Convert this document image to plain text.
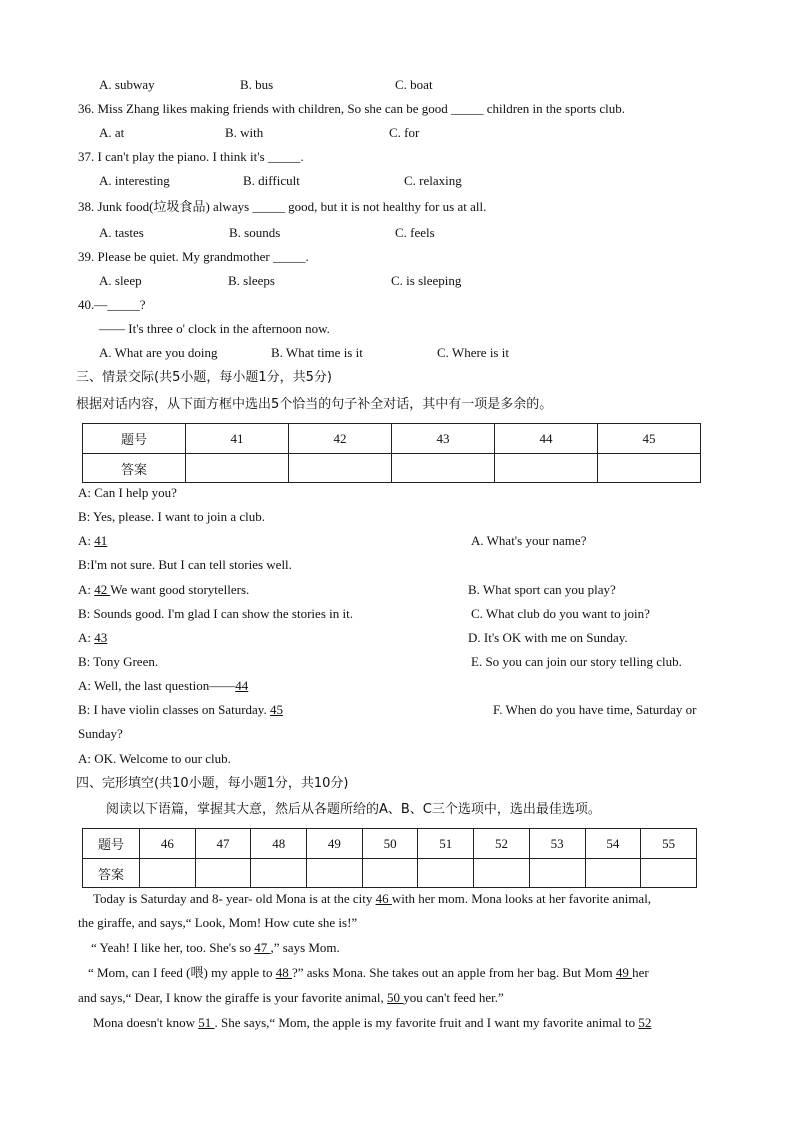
A. subway	B. bus	C. boat
36. Miss Zhang likes making friends with children, So she can be good _____ children in the sports club.
A. at	B. with	C. for
37. I can't play the piano. I think it's _____.
A. interesting	B. difficult	C. relaxing
38. Junk food(垃圾食品) always _____ good, but it is not healthy for us at all.
A. tastes	B. sounds	C. feels
39. Please be quiet. My grandmother _____.
A. sleep	B. sleeps	C. is sleeping
40.—_____?
—— It's three o' clock in the afternoon now.
A. What are you doing	B. What time is it	C. Where is it
三、情景交际(共5小题，每小题1分，共5分)
根据对话内容，从下面方框中选出5个恰当的句子补全对话，其中有一项是多余的。
题号	41	42	43	44	45
答案					
A: Can I help you?
B: Yes, please. I want to join a club.
A: 41
B:I'm not sure. But I can tell stories well.
A: 42 We want good storytellers.
B: Sounds good. I'm glad I can show the stories in it.
A: 43
B: Tony Green.
A: Well, the last question——44
B: I have violin classes on Saturday. 45
Sunday?
A: OK. Welcome to our club.
A. What's your name?
B. What sport can you play?
C. What club do you want to join?
D. It's OK with me on Sunday.
E. So you can join our story telling club.
F. When do you have time, Saturday or
四、完形填空(共10小题，每小题1分，共10分)
阅读以下语篇，掌握其大意，然后从各题所给的A、B、C三个选项中，选出最佳选项。
题号	46	47	48	49	50	51	52	53	54	55
答案										
Today is Saturday and 8- year- old Mona is at the city 46 with her mom. Mona looks at her favorite animal,
the giraffe, and says,“ Look, Mom! How cute she is!”
“ Yeah! I like her, too. She's so 47 ,” says Mom.
“ Mom, can I feed (喂) my apple to 48 ?” asks Mona. She takes out an apple from her bag. But Mom 49 her
and says,“ Dear, I know the giraffe is your favorite animal, 50 you can't feed her.”
Mona doesn't know 51 . She says,“ Mom, the apple is my favorite fruit and I want my favorite animal to 52
